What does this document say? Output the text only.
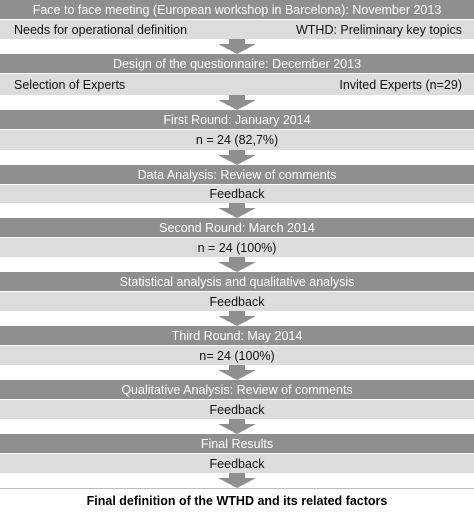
Face to face meeting (European workshop in Barcelona): November 2013
Needs for operational definition	WTHD: Preliminary key topics
Design of the questionnaire: December 2013
Selection of Experts	Invited Experts (n=29)
First Round: January 2014
n = 24 (82,7%)
Data Analysis: Review of comments
Feedback
Second Round: March 2014
n = 24 (100%)
Statistical analysis and qualitative analysis
Feedback
Third Round: May 2014
n= 24 (100%)
Qualitative Analysis: Review of comments
Feedback
Final Results
Feedback
Final definition of the WTHD and its related factors
